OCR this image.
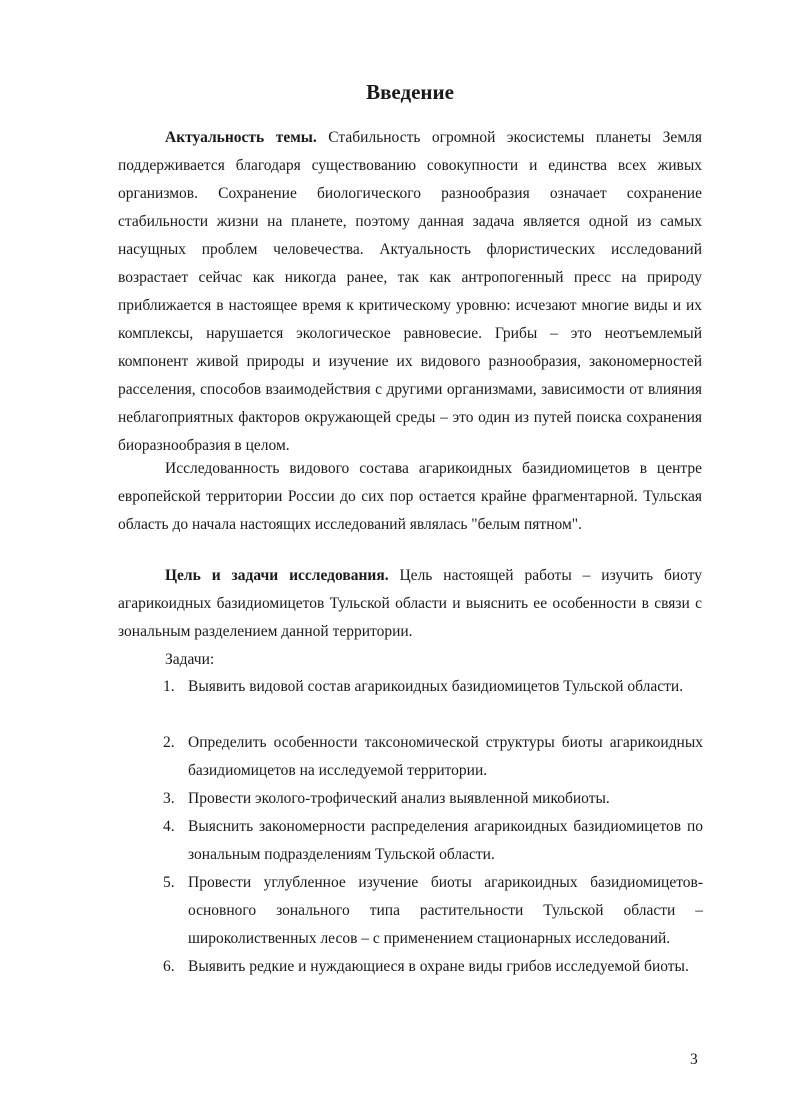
Введение

Актуальность темы. Стабильность огромной экосистемы планеты Земля поддерживается благодаря существованию совокупности и единства всех живых организмов. Сохранение биологического разнообразия означает сохранение стабильности жизни на планете, поэтому данная задача является одной из самых насущных проблем человечества. Актуальность флористических исследований возрастает сейчас как никогда ранее, так как антропогенный пресс на природу приближается в настоящее время к критическому уровню: исчезают многие виды и их комплексы, нарушается экологическое равновесие. Грибы – это неотъемлемый компонент живой природы и изучение их видового разнообразия, закономерностей расселения, способов взаимодействия с другими организмами, зависимости от влияния неблагоприятных факторов окружающей среды – это один из путей поиска сохранения биоразнообразия в целом.

Исследованность видового состава агарикоидных базидиомицетов в центре европейской территории России до сих пор остается крайне фрагментарной. Тульская область до начала настоящих исследований являлась "белым пятном".

Цель и задачи исследования. Цель настоящей работы – изучить биоту агарикоидных базидиомицетов Тульской области и выяснить ее особенности в связи с зональным разделением данной территории.

Задачи:
1. Выявить видовой состав агарикоидных базидиомицетов Тульской области.
2. Определить особенности таксономической структуры биоты агарикоидных базидиомицетов на исследуемой территории.
3. Провести эколого-трофический анализ выявленной микобиоты.
4. Выяснить закономерности распределения агарикоидных базидиомицетов по зональным подразделениям Тульской области.
5. Провести углубленное изучение биоты агарикоидных базидиомицетов-основного зонального типа растительности Тульской области – широколиственных лесов – с применением стационарных исследований.
6. Выявить редкие и нуждающиеся в охране виды грибов исследуемой биоты.
3
